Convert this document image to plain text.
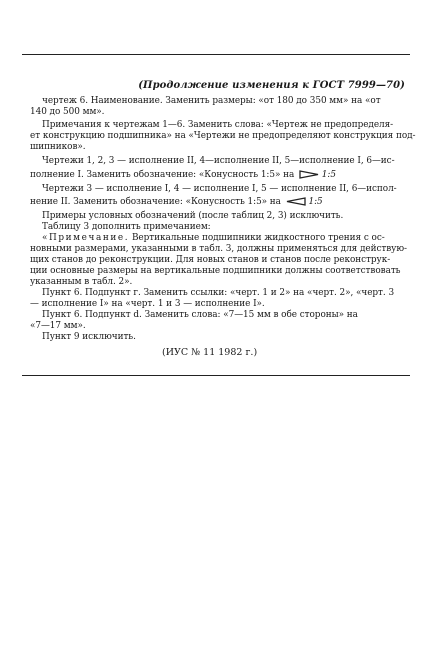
(Продолжение изменения к ГОСТ 7999—70)
чертеж 6. Наименование. Заменить размеры: «от 180 до 350 мм» на «от
140 до 500 мм».
Примечания к чертежам 1—6. Заменить слова: «Чертеж не предопределя-
ет конструкцию подшипника» на «Чертежи не предопределяют конструкция под-
шипников».
Чертежи 1, 2, 3 — исполнение II, 4—исполнение II, 5—исполнение I, 6—ис-
полнение I. Заменить обозначение: «Конусность 1:5» на	1:5
Чертежи 3 — исполнение I, 4 — исполнение I, 5 — исполнение II, 6—испол-
нение II. Заменить обозначение: «Конусность 1:5» на	1:5
Примеры условных обозначений (после таблиц 2, 3) исключить.
Таблицу 3 дополнить примечанием:
«Примечание. Вертикальные подшипники жидкостного трения с ос-
новными размерами, указанными в табл. 3, должны применяться для действую-
щих станов до реконструкции. Для новых станов и станов после реконструк-
ции основные размеры на вертикальные подшипники должны соответствовать
указанным в табл. 2».
Пункт 6. Подпункт г. Заменить ссылки: «черт. 1 и 2» на «черт. 2», «черт. 3
— исполнение I» на «черт. 1 и 3 — исполнение I».
Пункт 6. Подпункт d. Заменить слова: «7—15 мм в обе стороны» на
«7—17 мм».
Пункт 9 исключить.
(ИУС № 11 1982 г.)
